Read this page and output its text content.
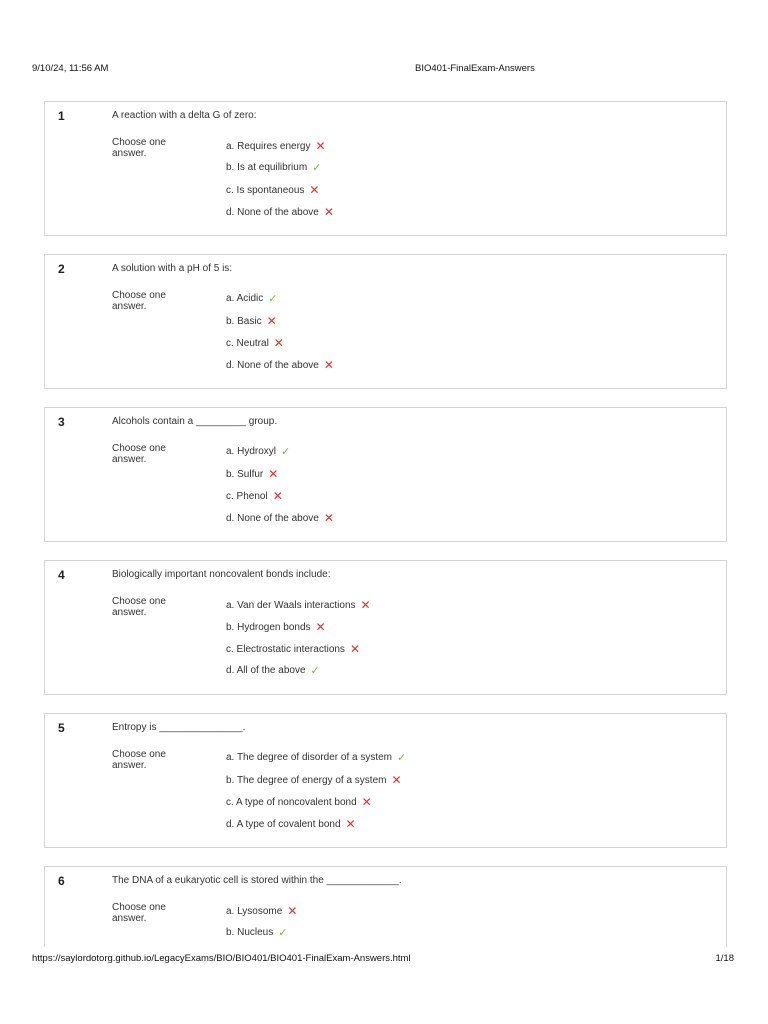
9/10/24, 11:56 AM	BIO401-FinalExam-Answers
1	A reaction with a delta G of zero:
Choose one answer.
a. Requires energy ✕
b. Is at equilibrium ✓
c. Is spontaneous ✕
d. None of the above ✕
2	A solution with a pH of 5 is:
Choose one answer.
a. Acidic ✓
b. Basic ✕
c. Neutral ✕
d. None of the above ✕
3	Alcohols contain a _________ group.
Choose one answer.
a. Hydroxyl ✓
b. Sulfur ✕
c. Phenol ✕
d. None of the above ✕
4	Biologically important noncovalent bonds include:
Choose one answer.
a. Van der Waals interactions ✕
b. Hydrogen bonds ✕
c. Electrostatic interactions ✕
d. All of the above ✓
5	Entropy is _______________.
Choose one answer.
a. The degree of disorder of a system ✓
b. The degree of energy of a system ✕
c. A type of noncovalent bond ✕
d. A type of covalent bond ✕
6	The DNA of a eukaryotic cell is stored within the _____________.
Choose one answer.
a. Lysosome ✕
b. Nucleus ✓
https://saylordotorg.github.io/LegacyExams/BIO/BIO401/BIO401-FinalExam-Answers.html	1/18
